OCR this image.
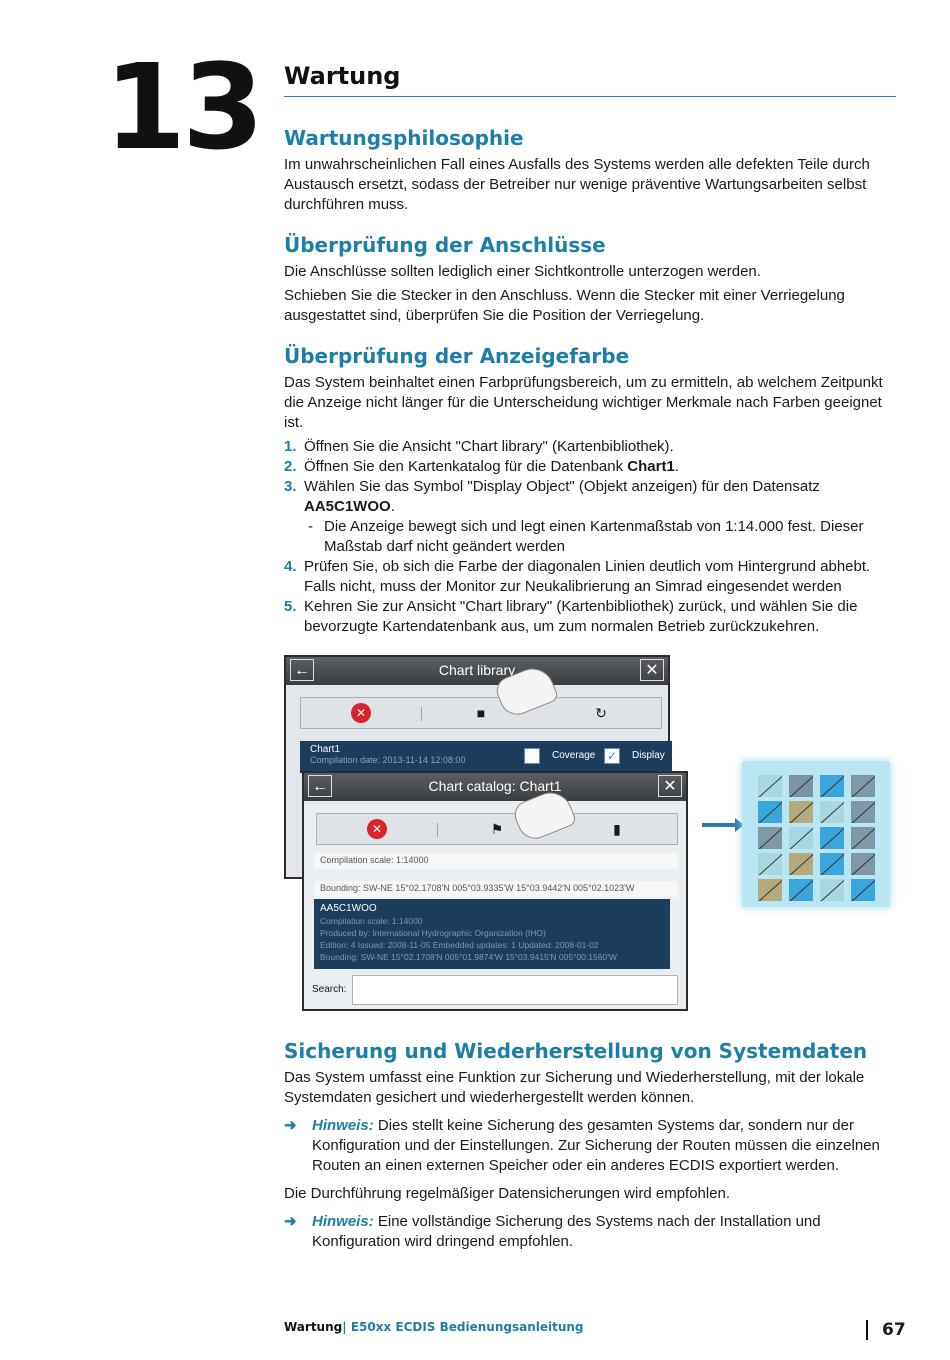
13 Wartung
Wartungsphilosophie

Im unwahrscheinlichen Fall eines Ausfalls des Systems werden alle defekten Teile durch Austausch ersetzt, sodass der Betreiber nur wenige präventive Wartungsarbeiten selbst durchführen muss.

Überprüfung der Anschlüsse

Die Anschlüsse sollten lediglich einer Sichtkontrolle unterzogen werden.

Schieben Sie die Stecker in den Anschluss. Wenn die Stecker mit einer Verriegelung ausgestattet sind, überprüfen Sie die Position der Verriegelung.

Überprüfung der Anzeigefarbe

Das System beinhaltet einen Farbprüfungsbereich, um zu ermitteln, ab welchem Zeitpunkt die Anzeige nicht länger für die Unterscheidung wichtiger Merkmale nach Farben geeignet ist.

1. Öffnen Sie die Ansicht "Chart library" (Kartenbibliothek).
2. Öffnen Sie den Kartenkatalog für die Datenbank Chart1.
3. Wählen Sie das Symbol "Display Object" (Objekt anzeigen) für den Datensatz AA5C1WOO.
- Die Anzeige bewegt sich und legt einen Kartenmaßstab von 1:14.000 fest. Dieser Maßstab darf nicht geändert werden
4. Prüfen Sie, ob sich die Farbe der diagonalen Linien deutlich vom Hintergrund abhebt. Falls nicht, muss der Monitor zur Neukalibrierung an Simrad eingesendet werden
5. Kehren Sie zur Ansicht "Chart library" (Kartenbibliothek) zurück, und wählen Sie die bevorzugte Kartendatenbank aus, um zum normalen Betrieb zurückzukehren.
←	Chart library	✕
✕	■	↻
Chart1
Compilation date: 2013-11-14 12:08:00	Coverage ✓ Display
←	Chart catalog: Chart1	✕
✕	⚑	▮
Compilation scale: 1:14000
Bounding: SW-NE 15°02.1708'N 005°03.9335'W 15°03.9442'N 005°02.1023'W
AA5C1WOO
Compilation scale: 1:14000
Produced by: International Hydrographic Organization (IHO)
Edition: 4 Issued: 2008-11-05 Embedded updates: 1 Updated: 2008-01-02
Bounding: SW-NE 15°02.1708'N 005°01.9874'W 15°03.9415'N 005°00.1560'W
Search:
Sicherung und Wiederherstellung von Systemdaten

Das System umfasst eine Funktion zur Sicherung und Wiederherstellung, mit der lokale Systemdaten gesichert und wiederhergestellt werden können.

➜ Hinweis: Dies stellt keine Sicherung des gesamten Systems dar, sondern nur der Konfiguration und der Einstellungen. Zur Sicherung der Routen müssen die einzelnen Routen an einen externen Speicher oder ein anderes ECDIS exportiert werden.

Die Durchführung regelmäßiger Datensicherungen wird empfohlen.

➜ Hinweis: Eine vollständige Sicherung des Systems nach der Installation und Konfiguration wird dringend empfohlen.
Wartung| E50xx ECDIS Bedienungsanleitung	67
